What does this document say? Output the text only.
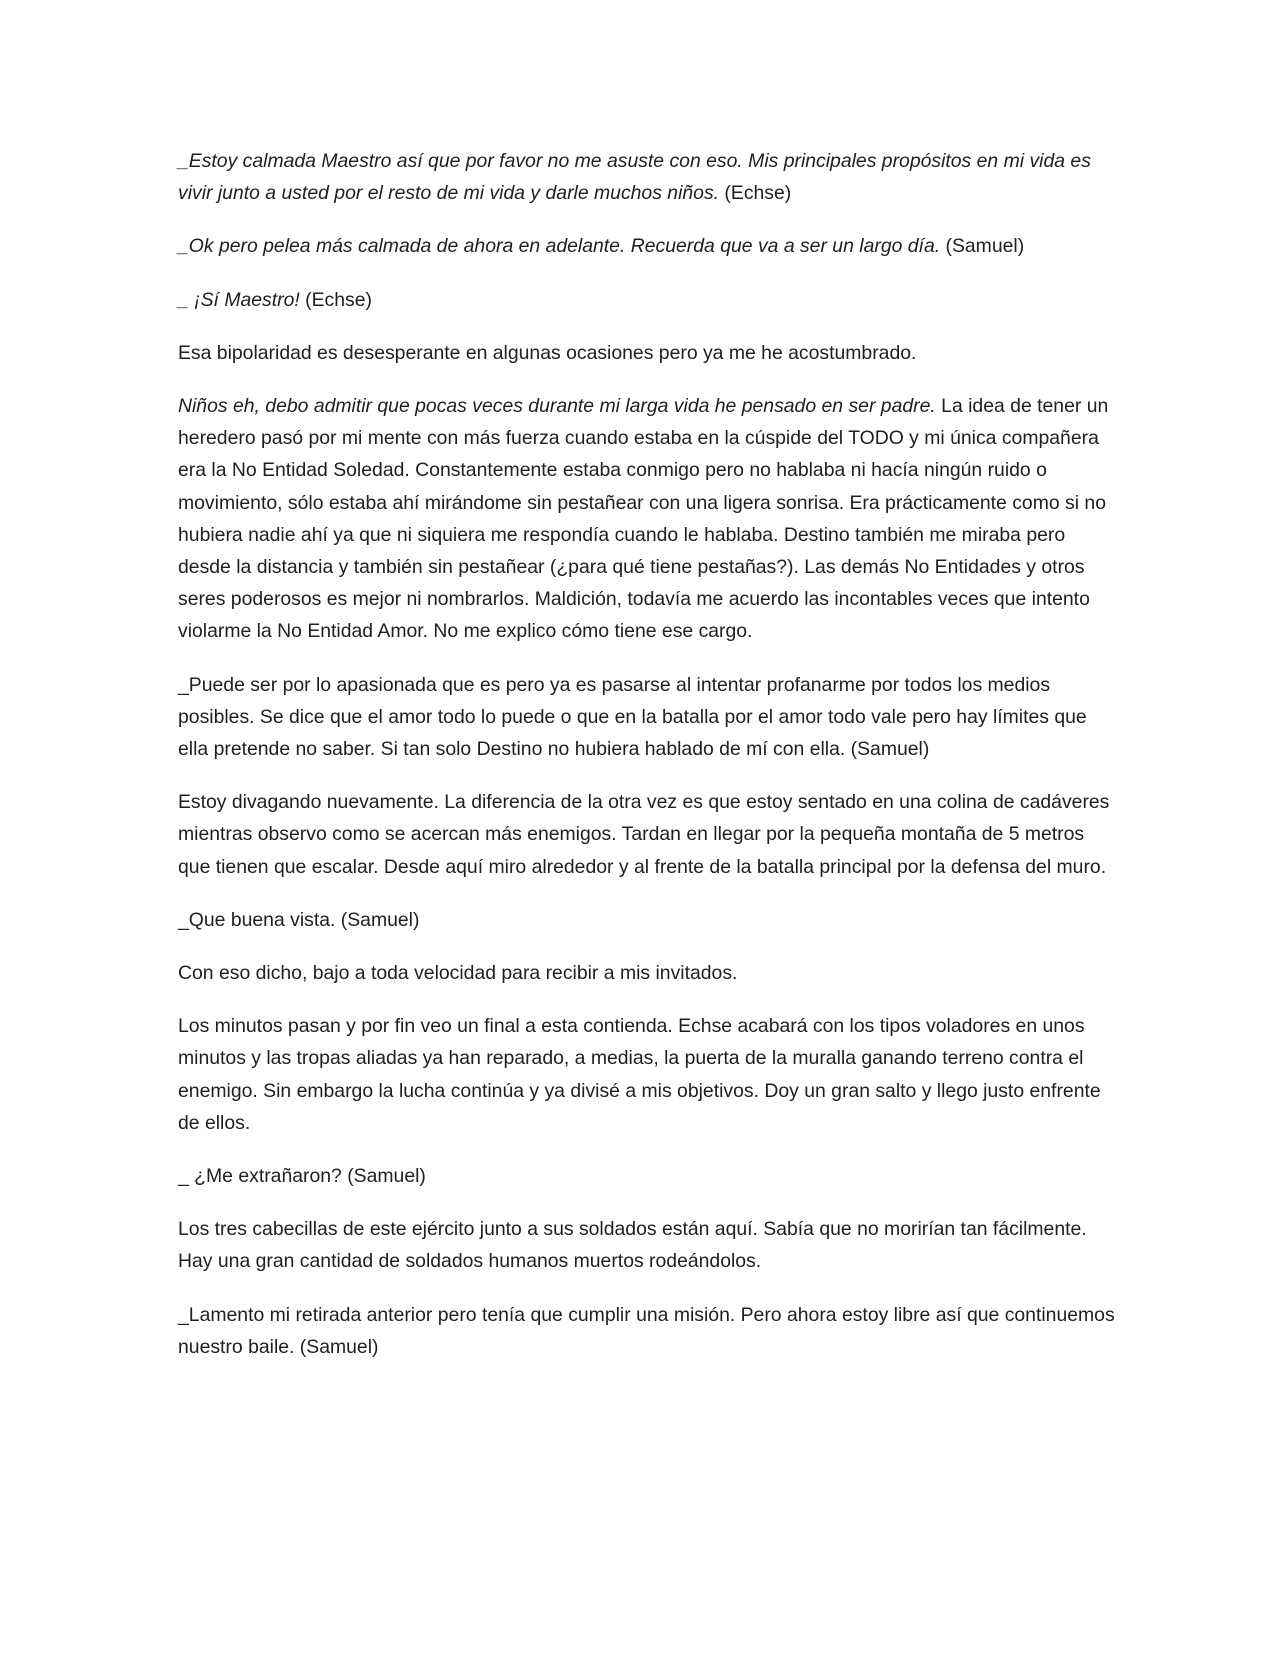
_Estoy calmada Maestro así que por favor no me asuste con eso. Mis principales propósitos en mi vida es vivir junto a usted por el resto de mi vida y darle muchos niños. (Echse)

_Ok pero pelea más calmada de ahora en adelante. Recuerda que va a ser un largo día. (Samuel)

_ ¡Sí Maestro! (Echse)

Esa bipolaridad es desesperante en algunas ocasiones pero ya me he acostumbrado.

Niños eh, debo admitir que pocas veces durante mi larga vida he pensado en ser padre. La idea de tener un heredero pasó por mi mente con más fuerza cuando estaba en la cúspide del TODO y mi única compañera era la No Entidad Soledad. Constantemente estaba conmigo pero no hablaba ni hacía ningún ruido o movimiento, sólo estaba ahí mirándome sin pestañear con una ligera sonrisa. Era prácticamente como si no hubiera nadie ahí ya que ni siquiera me respondía cuando le hablaba. Destino también me miraba pero desde la distancia y también sin pestañear (¿para qué tiene pestañas?). Las demás No Entidades y otros seres poderosos es mejor ni nombrarlos. Maldición, todavía me acuerdo las incontables veces que intento violarme la No Entidad Amor. No me explico cómo tiene ese cargo.

_Puede ser por lo apasionada que es pero ya es pasarse al intentar profanarme por todos los medios posibles. Se dice que el amor todo lo puede o que en la batalla por el amor todo vale pero hay límites que ella pretende no saber. Si tan solo Destino no hubiera hablado de mí con ella. (Samuel)

Estoy divagando nuevamente. La diferencia de la otra vez es que estoy sentado en una colina de cadáveres mientras observo como se acercan más enemigos. Tardan en llegar por la pequeña montaña de 5 metros que tienen que escalar. Desde aquí miro alrededor y al frente de la batalla principal por la defensa del muro.

_Que buena vista. (Samuel)

Con eso dicho, bajo a toda velocidad para recibir a mis invitados.

Los minutos pasan y por fin veo un final a esta contienda. Echse acabará con los tipos voladores en unos minutos y las tropas aliadas ya han reparado, a medias, la puerta de la muralla ganando terreno contra el enemigo. Sin embargo la lucha continúa y ya divisé a mis objetivos. Doy un gran salto y llego justo enfrente de ellos.

_ ¿Me extrañaron? (Samuel)

Los tres cabecillas de este ejército junto a sus soldados están aquí. Sabía que no morirían tan fácilmente. Hay una gran cantidad de soldados humanos muertos rodeándolos.

_Lamento mi retirada anterior pero tenía que cumplir una misión. Pero ahora estoy libre así que continuemos nuestro baile. (Samuel)
